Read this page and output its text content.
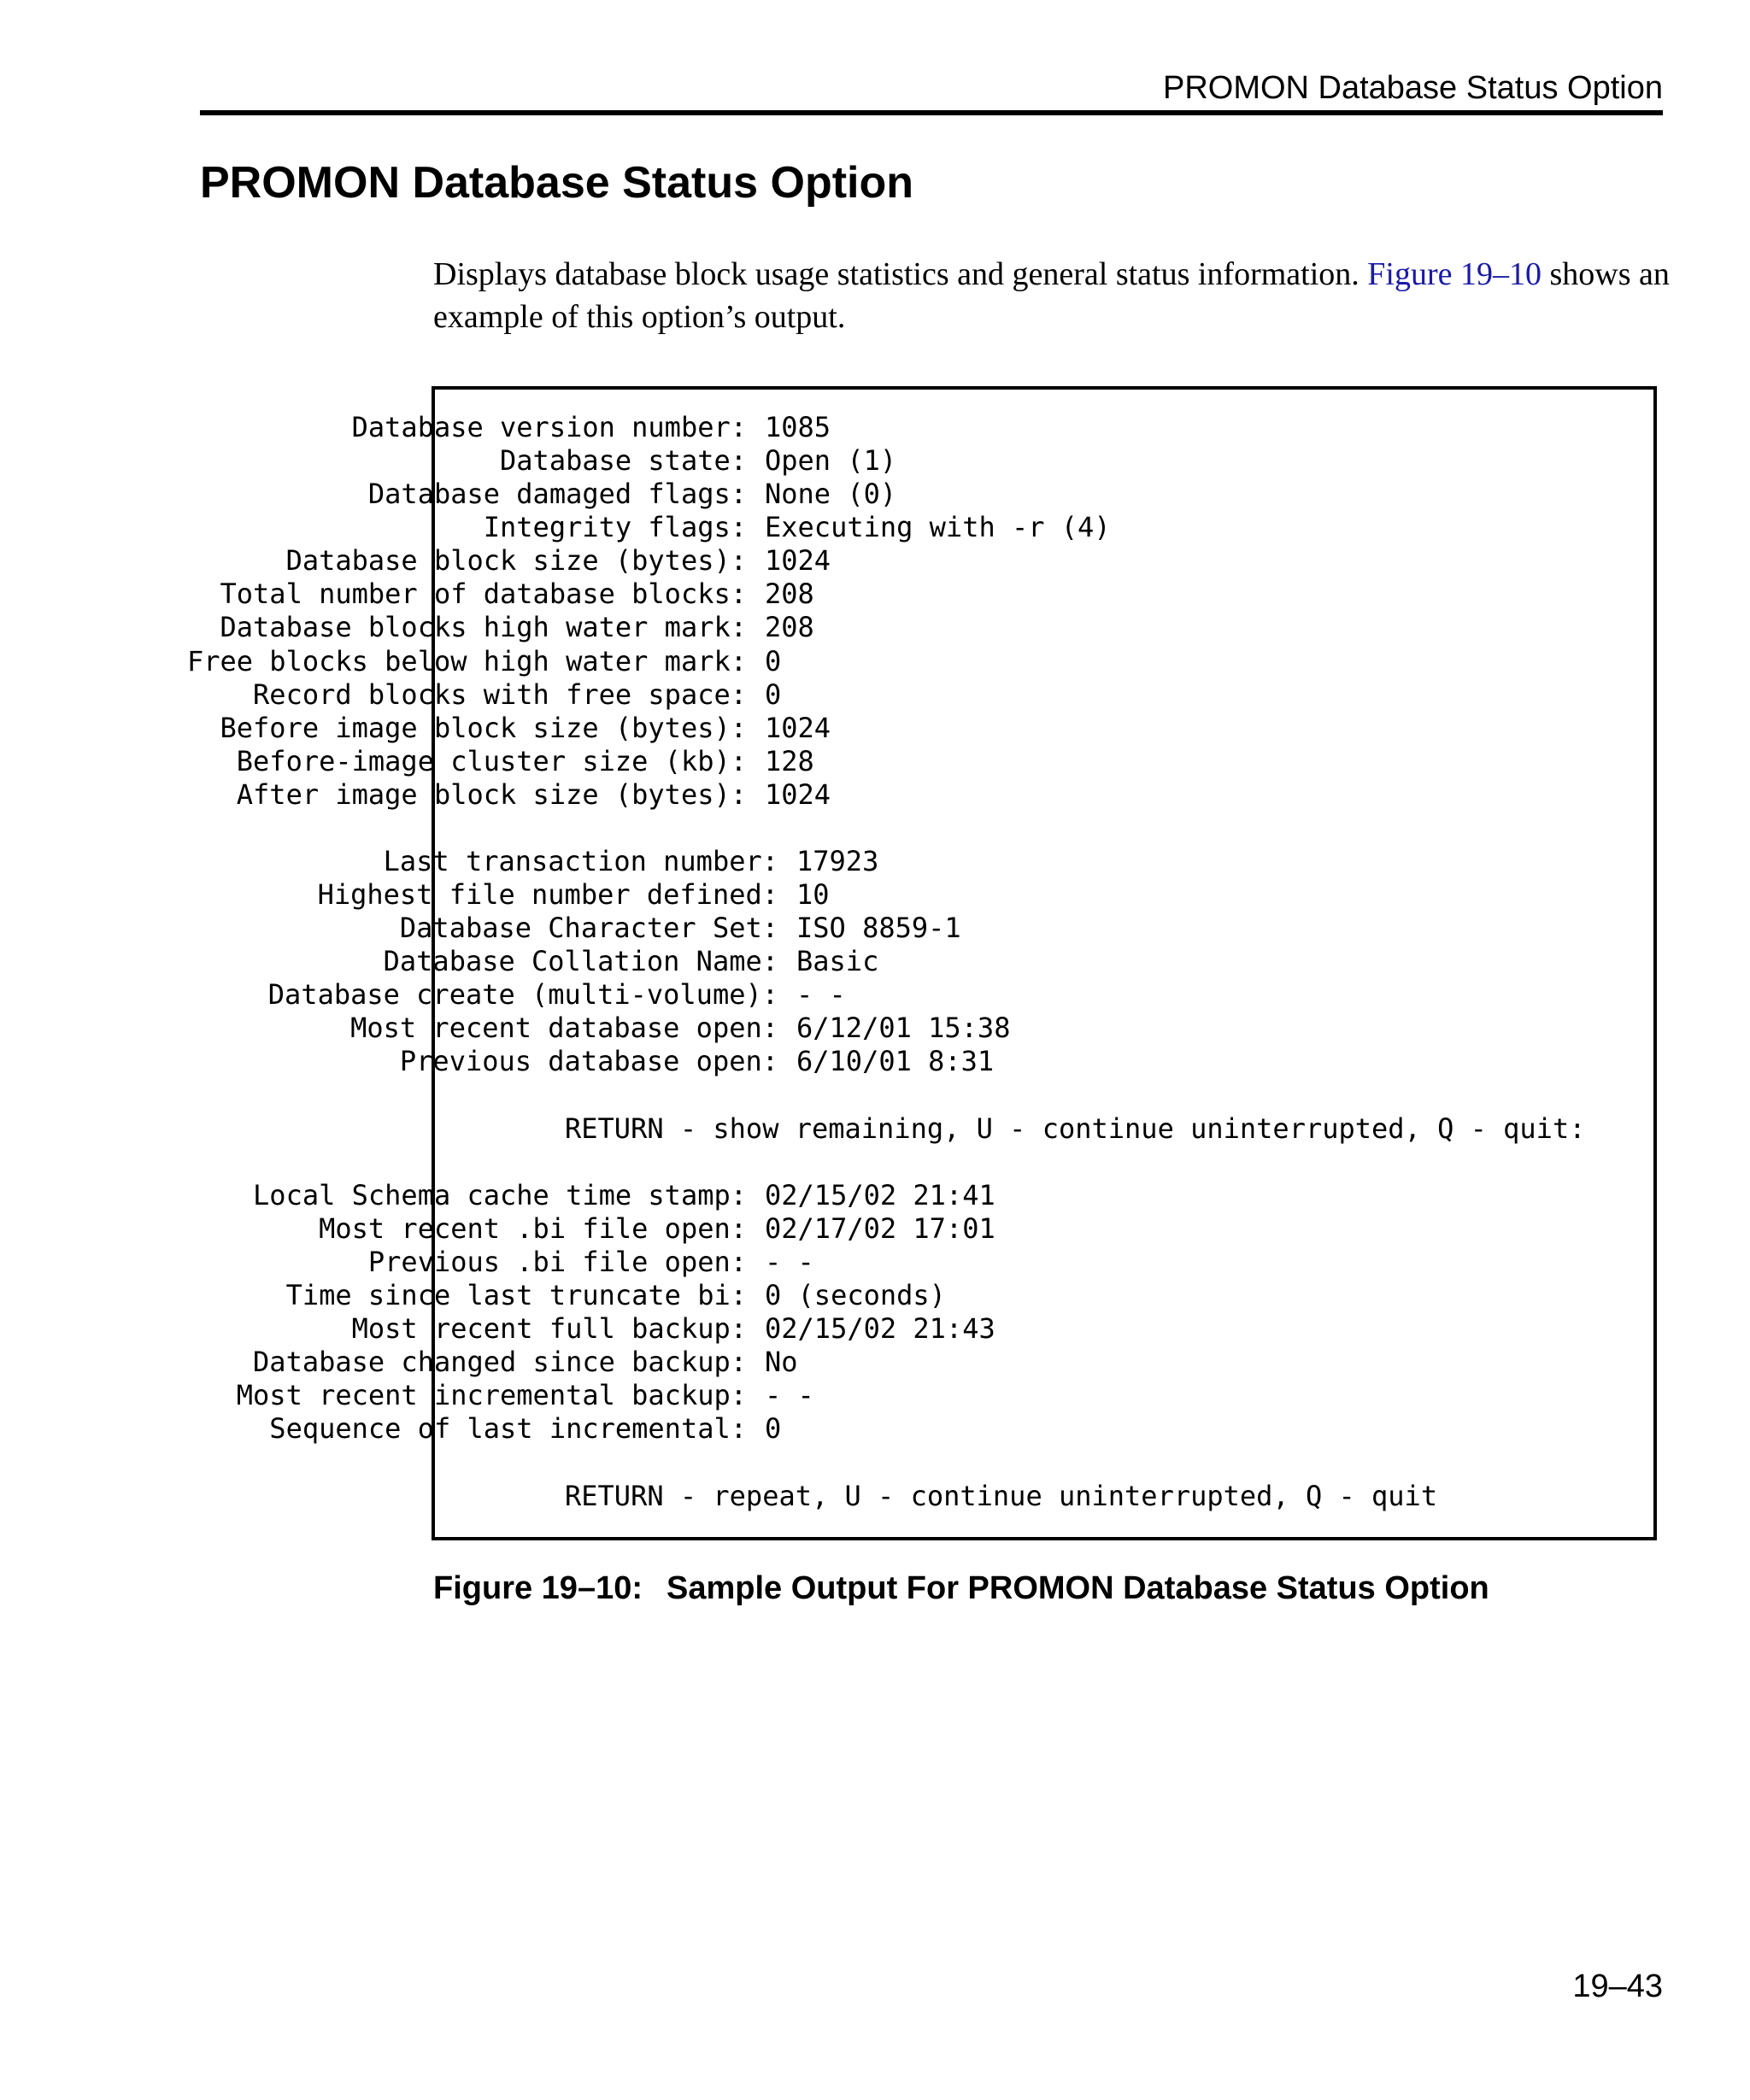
PROMON Database Status Option
PROMON Database Status Option

Displays database block usage statistics and general status information. Figure 19–10 shows an example of this option’s output.

Database version number: 1085
Database state: Open (1)
Database damaged flags: None (0)
Integrity flags: Executing with -r (4)
Database block size (bytes): 1024
Total number of database blocks: 208
Database blocks high water mark: 208
Free blocks below high water mark: 0
Record blocks with free space: 0
Before image block size (bytes): 1024
Before-image cluster size (kb): 128
After image block size (bytes): 1024
Last transaction number: 17923
Highest file number defined: 10
Database Character Set: ISO 8859-1
Database Collation Name: Basic
Database create (multi-volume): - -
Most recent database open: 6/12/01 15:38
Previous database open: 6/10/01 8:31
RETURN - show remaining, U - continue uninterrupted, Q - quit:
Local Schema cache time stamp: 02/15/02 21:41
Most recent .bi file open: 02/17/02 17:01
Previous .bi file open: - -
Time since last truncate bi: 0 (seconds)
Most recent full backup: 02/15/02 21:43
Database changed since backup: No
Most recent incremental backup: - -
Sequence of last incremental: 0
RETURN - repeat, U - continue uninterrupted, Q - quit

Figure 19–10: Sample Output For PROMON Database Status Option

19–43
